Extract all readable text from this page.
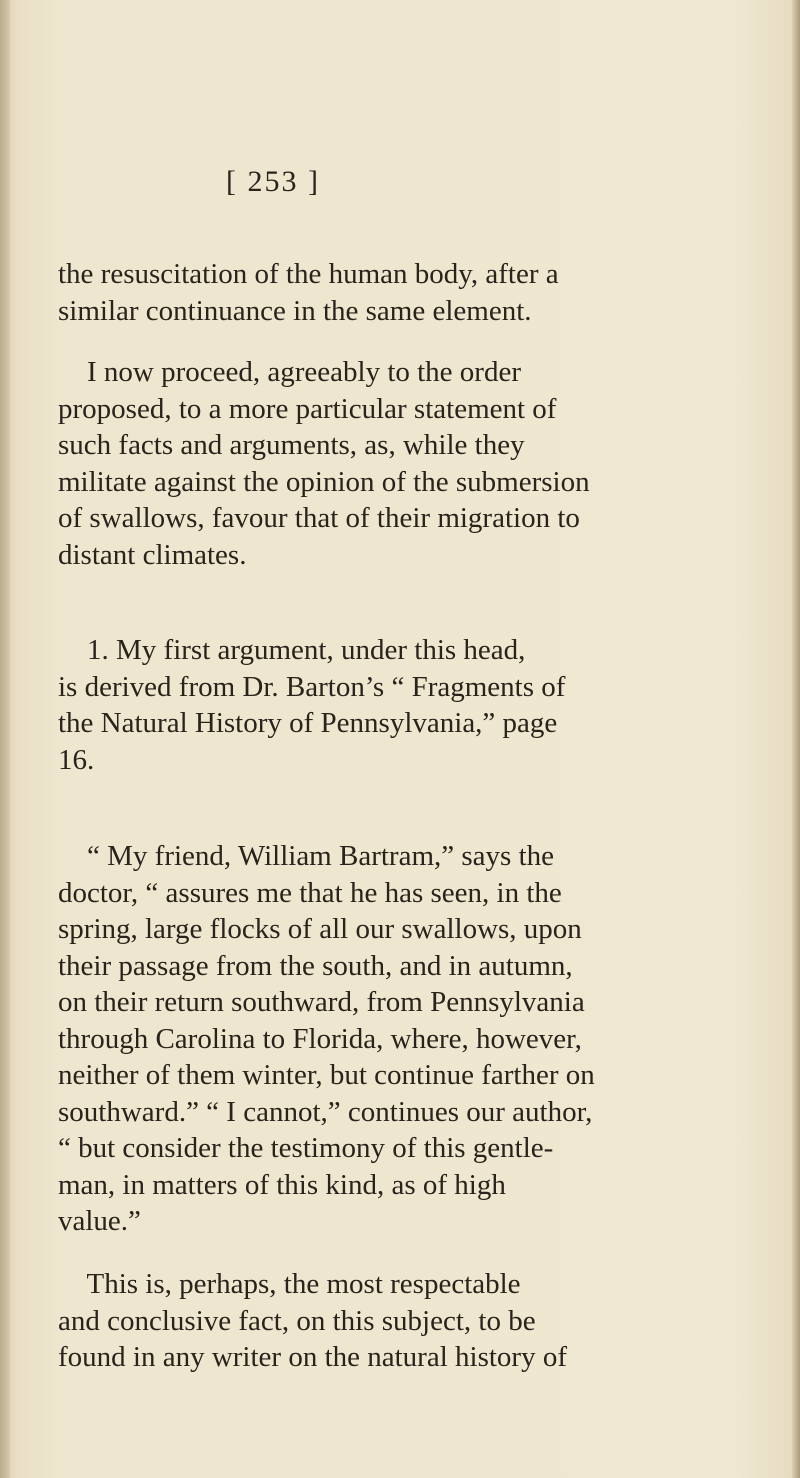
[ 253 ]

the resuscitation of the human body, after a
similar continuance in the same element.

I now proceed, agreeably to the order
proposed, to a more particular statement of
such facts and arguments, as, while they
militate against the opinion of the submersion
of swallows, favour that of their migration to
distant climates.

1. My first argument, under this head,
is derived from Dr. Barton’s “ Fragments of
the Natural History of Pennsylvania,” page
16.

“ My friend, William Bartram,” says the
doctor, “ assures me that he has seen, in the
spring, large flocks of all our swallows, upon
their passage from the south, and in autumn,
on their return southward, from Pennsylvania
through Carolina to Florida, where, however,
neither of them winter, but continue farther on
southward.” “ I cannot,” continues our author,
“ but consider the testimony of this gentle-
man, in matters of this kind, as of high
value.”

This is, perhaps, the most respectable
and conclusive fact, on this subject, to be
found in any writer on the natural history of
